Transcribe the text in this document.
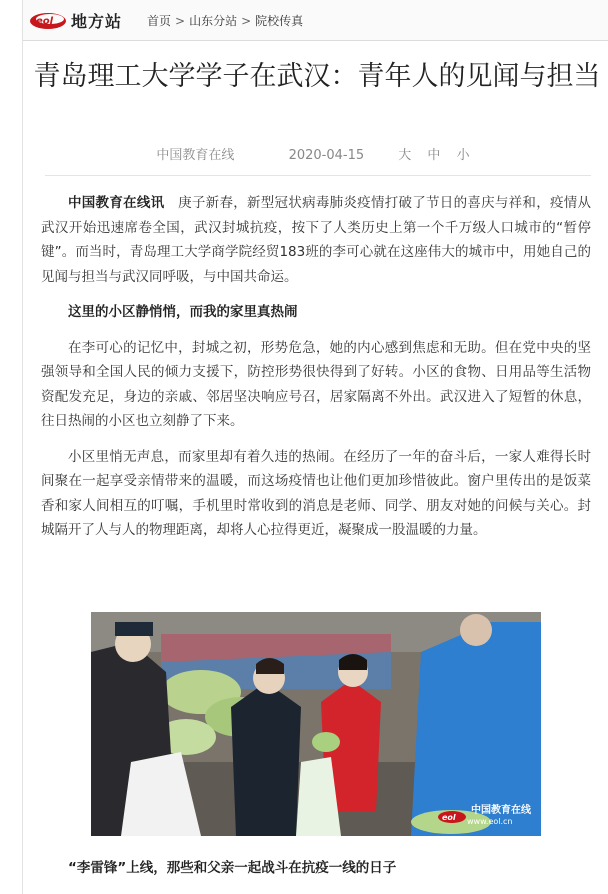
eol 地方站 首页 > 山东分站 > 院校传真
青岛理工大学学子在武汉：青年人的见闻与担当
中国教育在线	2020-04-15	大 中 小

中国教育在线讯 庚子新春，新型冠状病毒肺炎疫情打破了节日的喜庆与祥和，疫情从武汉开始迅速席卷全国，武汉封城抗疫，按下了人类历史上第一个千万级人口城市的“暂停键”。而当时，青岛理工大学商学院经贸183班的李可心就在这座伟大的城市中，用她自己的见闻与担当与武汉同呼吸，与中国共命运。

这里的小区静悄悄，而我的家里真热闹

在李可心的记忆中，封城之初，形势危急，她的内心感到焦虑和无助。但在党中央的坚强领导和全国人民的倾力支援下，防控形势很快得到了好转。小区的食物、日用品等生活物资配发充足，身边的亲戚、邻居坚决响应号召，居家隔离不外出。武汉进入了短暂的休息，往日热闹的小区也立刻静了下来。

小区里悄无声息，而家里却有着久违的热闹。在经历了一年的奋斗后，一家人难得长时间聚在一起享受亲情带来的温暖，而这场疫情也让他们更加珍惜彼此。窗户里传出的是饭菜香和家人间相互的叮嘱，手机里时常收到的消息是老师、同学、朋友对她的问候与关心。封城隔开了人与人的物理距离，却将人心拉得更近，凝聚成一股温暖的力量。

eol
中国教育在线
www.eol.cn
“李雷锋”上线，那些和父亲一起战斗在抗疫一线的日子
